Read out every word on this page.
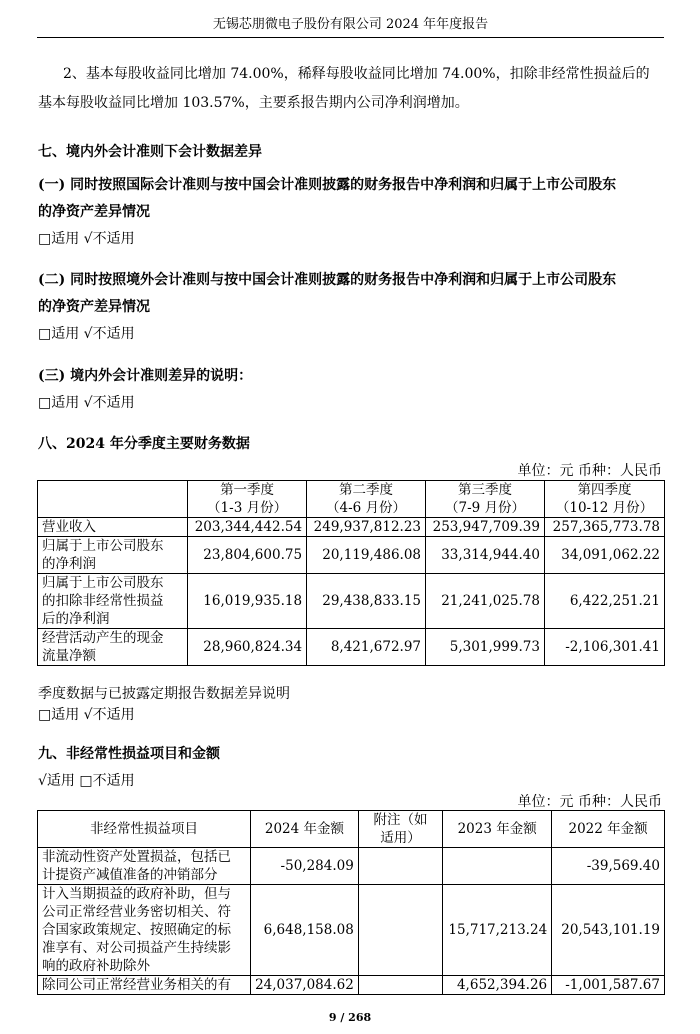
无锡芯朋微电子股份有限公司 2024 年年度报告
2、基本每股收益同比增加 74.00%，稀释每股收益同比增加 74.00%，扣除非经常性损益后的
基本每股收益同比增加 103.57%，主要系报告期内公司净利润增加。
七、境内外会计准则下会计数据差异
(一) 同时按照国际会计准则与按中国会计准则披露的财务报告中净利润和归属于上市公司股东
的净资产差异情况
□适用 √不适用
(二) 同时按照境外会计准则与按中国会计准则披露的财务报告中净利润和归属于上市公司股东
的净资产差异情况
□适用 √不适用
(三) 境内外会计准则差异的说明：
□适用 √不适用
八、2024 年分季度主要财务数据
单位：元 币种：人民币
	第一季度
（1-3 月份）	第二季度
（4-6 月份）	第三季度
（7-9 月份）	第四季度
（10-12 月份）
营业收入	203,344,442.54	249,937,812.23	253,947,709.39	257,365,773.78
归属于上市公司股东
的净利润	23,804,600.75	20,119,486.08	33,314,944.40	34,091,062.22
归属于上市公司股东
的扣除非经常性损益
后的净利润	16,019,935.18	29,438,833.15	21,241,025.78	6,422,251.21
经营活动产生的现金
流量净额	28,960,824.34	8,421,672.97	5,301,999.73	-2,106,301.41
季度数据与已披露定期报告数据差异说明
□适用 √不适用
九、非经常性损益项目和金额
√适用 □不适用
单位：元 币种：人民币
非经常性损益项目	2024 年金额	附注（如
适用）	2023 年金额	2022 年金额
非流动性资产处置损益，包括已
计提资产减值准备的冲销部分	-50,284.09			-39,569.40
计入当期损益的政府补助，但与
公司正常经营业务密切相关、符
合国家政策规定、按照确定的标
准享有、对公司损益产生持续影
响的政府补助除外	6,648,158.08		15,717,213.24	20,543,101.19
除同公司正常经营业务相关的有	24,037,084.62		4,652,394.26	-1,001,587.67
9 / 268
